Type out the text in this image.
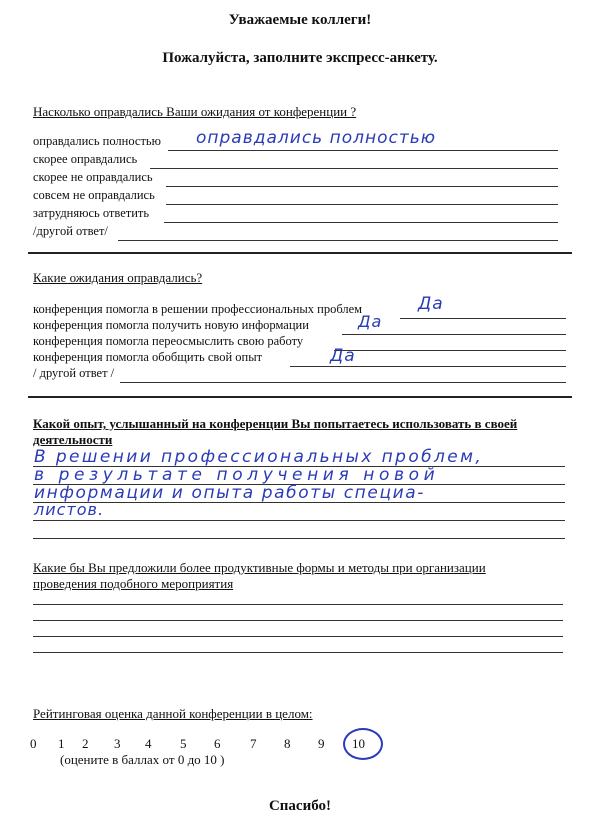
Уважаемые коллеги!
Пожалуйста, заполните экспресс-анкету.
Насколько оправдались Ваши ожидания от конференции ?
оправдались полностью
скорее оправдались
скорее не оправдались
совсем не оправдались
затрудняюсь ответить
/другой ответ/
оправдались полностью
Какие ожидания оправдались?
конференция помогла в решении профессиональных проблем
конференция помогла получить новую информации
конференция помогла переосмыслить свою работу
конференция помогла обобщить свой опыт
/ другой ответ /
Да
Да
Да
Какой опыт, услышанный на конференции Вы попытаетесь использовать в своей
деятельности
В решении профессиональных проблем,
в результате получения новой
информации и опыта работы специа-
листов.
Какие бы Вы предложили более продуктивные формы и методы при организации
проведения подобного мероприятия
Рейтинговая оценка данной конференции в целом:
0 1 2 3 4 5 6 7 8 9 10
(оцените в баллах от 0 до 10 )
Спасибо!
